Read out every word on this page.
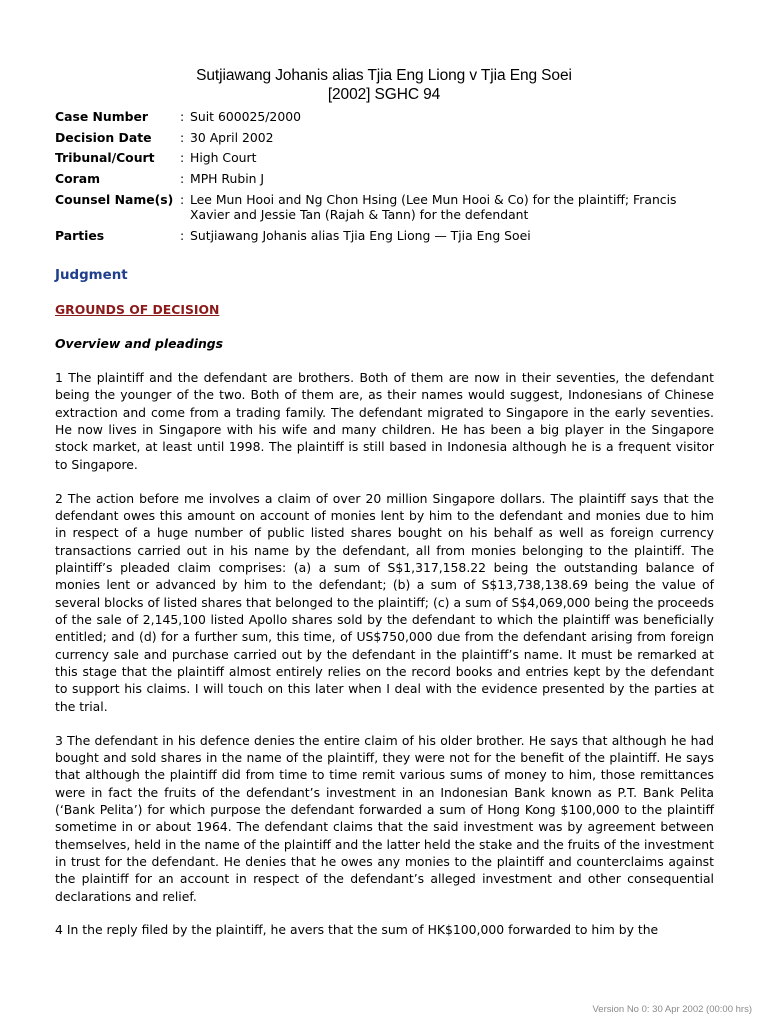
Sutjiawang Johanis alias Tjia Eng Liong v Tjia Eng Soei
[2002] SGHC 94
Case Number	: Suit 600025/2000
Decision Date	: 30 April 2002
Tribunal/Court	: High Court
Coram	: MPH Rubin J
Counsel Name(s) : Lee Mun Hooi and Ng Chon Hsing (Lee Mun Hooi & Co) for the plaintiff; Francis Xavier and Jessie Tan (Rajah & Tann) for the defendant
Parties	: Sutjiawang Johanis alias Tjia Eng Liong — Tjia Eng Soei
Judgment
GROUNDS OF DECISION
Overview and pleadings

1 The plaintiff and the defendant are brothers. Both of them are now in their seventies, the defendant being the younger of the two. Both of them are, as their names would suggest, Indonesians of Chinese extraction and come from a trading family. The defendant migrated to Singapore in the early seventies. He now lives in Singapore with his wife and many children. He has been a big player in the Singapore stock market, at least until 1998. The plaintiff is still based in Indonesia although he is a frequent visitor to Singapore.

2 The action before me involves a claim of over 20 million Singapore dollars. The plaintiff says that the defendant owes this amount on account of monies lent by him to the defendant and monies due to him in respect of a huge number of public listed shares bought on his behalf as well as foreign currency transactions carried out in his name by the defendant, all from monies belonging to the plaintiff. The plaintiff’s pleaded claim comprises: (a) a sum of S$1,317,158.22 being the outstanding balance of monies lent or advanced by him to the defendant; (b) a sum of S$13,738,138.69 being the value of several blocks of listed shares that belonged to the plaintiff; (c) a sum of S$4,069,000 being the proceeds of the sale of 2,145,100 listed Apollo shares sold by the defendant to which the plaintiff was beneficially entitled; and (d) for a further sum, this time, of US$750,000 due from the defendant arising from foreign currency sale and purchase carried out by the defendant in the plaintiff’s name. It must be remarked at this stage that the plaintiff almost entirely relies on the record books and entries kept by the defendant to support his claims. I will touch on this later when I deal with the evidence presented by the parties at the trial.

3 The defendant in his defence denies the entire claim of his older brother. He says that although he had bought and sold shares in the name of the plaintiff, they were not for the benefit of the plaintiff. He says that although the plaintiff did from time to time remit various sums of money to him, those remittances were in fact the fruits of the defendant’s investment in an Indonesian Bank known as P.T. Bank Pelita (‘Bank Pelita’) for which purpose the defendant forwarded a sum of Hong Kong $100,000 to the plaintiff sometime in or about 1964. The defendant claims that the said investment was by agreement between themselves, held in the name of the plaintiff and the latter held the stake and the fruits of the investment in trust for the defendant. He denies that he owes any monies to the plaintiff and counterclaims against the plaintiff for an account in respect of the defendant’s alleged investment and other consequential declarations and relief.

4 In the reply filed by the plaintiff, he avers that the sum of HK$100,000 forwarded to him by the

Version No 0: 30 Apr 2002 (00:00 hrs)
